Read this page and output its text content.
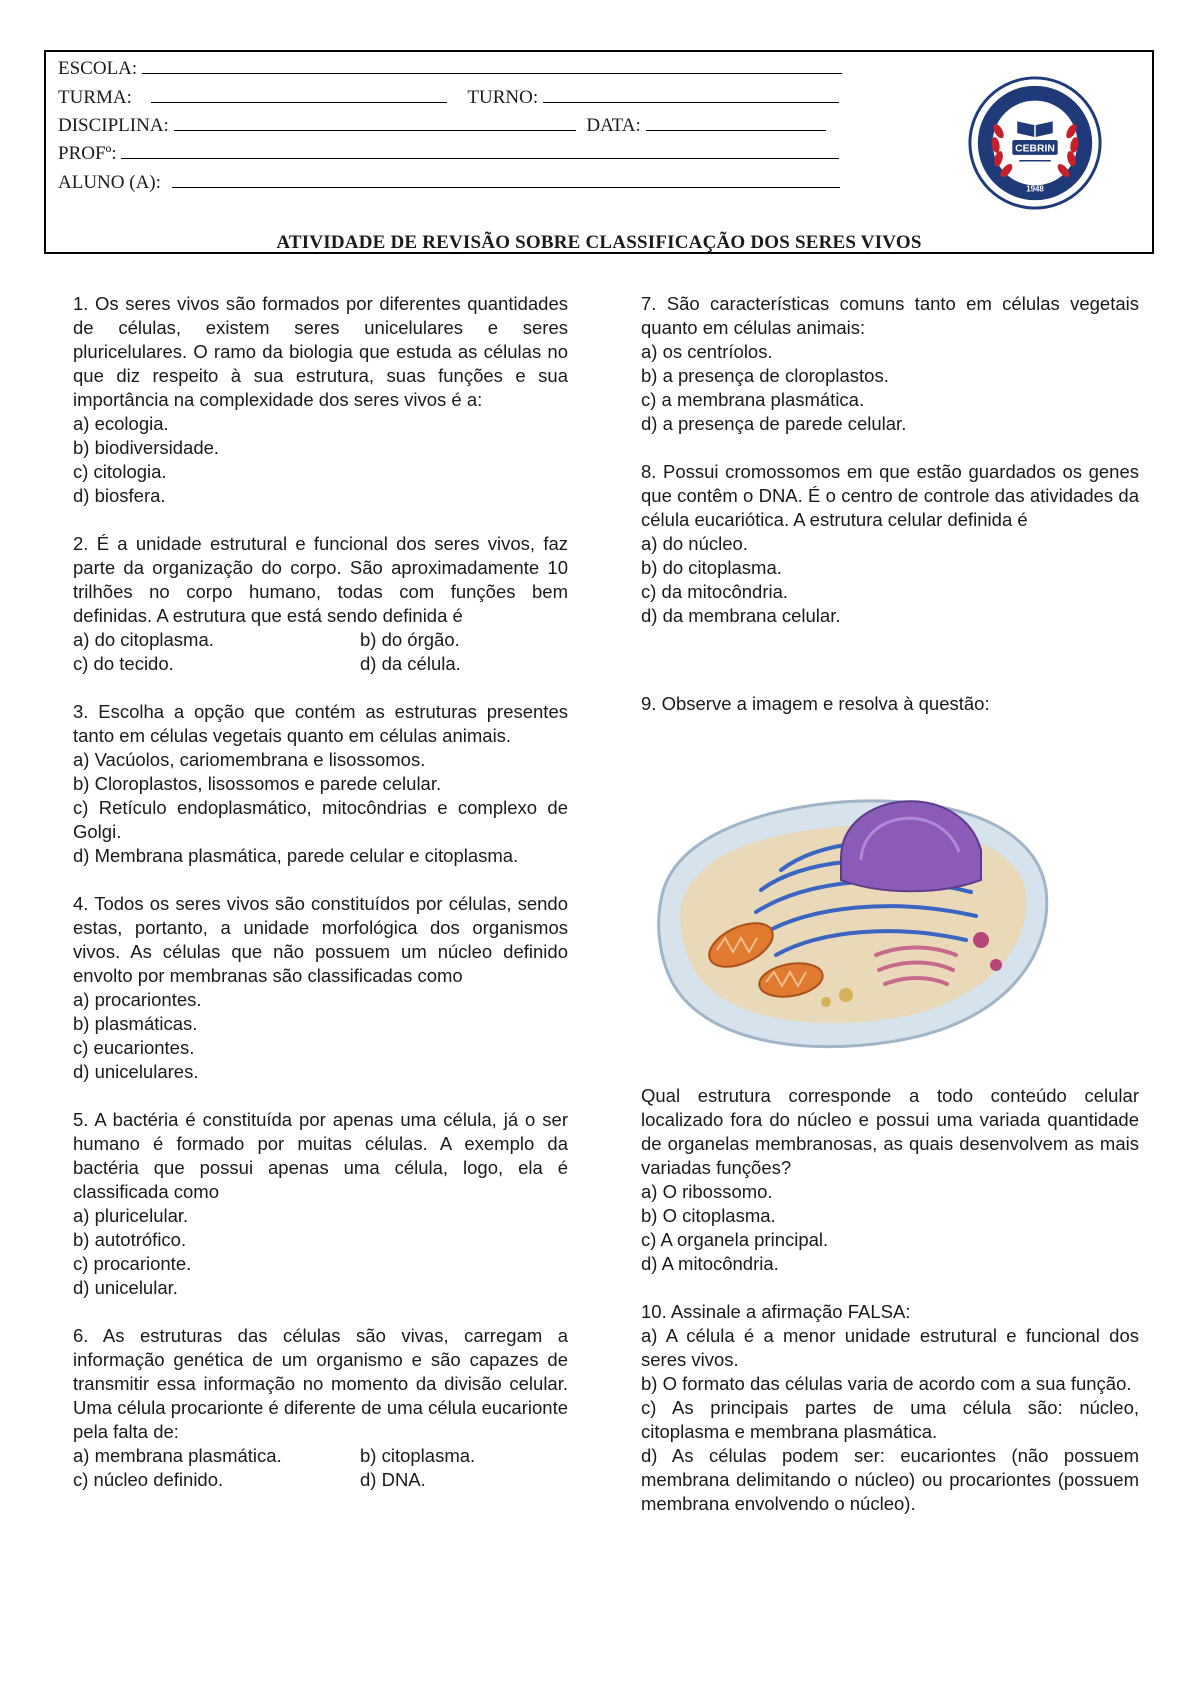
ESCOLA:
TURMA:	TURNO:
DISCIPLINA:	DATA:
PROFº:
ALUNO (A):
CEBRIN
1948
ATIVIDADE DE REVISÃO SOBRE CLASSIFICAÇÃO DOS SERES VIVOS

1. Os seres vivos são formados por diferentes quantidades de células, existem seres unicelulares e seres pluricelulares. O ramo da biologia que estuda as células no que diz respeito à sua estrutura, suas funções e sua importância na complexidade dos seres vivos é a:

a) ecologia.

b) biodiversidade.

c) citologia.

d) biosfera.

2. É a unidade estrutural e funcional dos seres vivos, faz parte da organização do corpo. São aproximadamente 10 trilhões no corpo humano, todas com funções bem definidas. A estrutura que está sendo definida é

a) do citoplasma.	b) do órgão.
c) do tecido.	d) da célula.

3. Escolha a opção que contém as estruturas presentes tanto em células vegetais quanto em células animais.

a) Vacúolos, cariomembrana e lisossomos.

b) Cloroplastos, lisossomos e parede celular.

c) Retículo endoplasmático, mitocôndrias e complexo de Golgi.

d) Membrana plasmática, parede celular e citoplasma.

4. Todos os seres vivos são constituídos por células, sendo estas, portanto, a unidade morfológica dos organismos vivos. As células que não possuem um núcleo definido envolto por membranas são classificadas como

a) procariontes.

b) plasmáticas.

c) eucariontes.

d) unicelulares.

5. A bactéria é constituída por apenas uma célula, já o ser humano é formado por muitas células. A exemplo da bactéria que possui apenas uma célula, logo, ela é classificada como

a) pluricelular.

b) autotrófico.

c) procarionte.

d) unicelular.

6. As estruturas das células são vivas, carregam a informação genética de um organismo e são capazes de transmitir essa informação no momento da divisão celular. Uma célula procarionte é diferente de uma célula eucarionte pela falta de:

a) membrana plasmática.	b) citoplasma.
c) núcleo definido.	d) DNA.

7. São características comuns tanto em células vegetais quanto em células animais:

a) os centríolos.

b) a presença de cloroplastos.

c) a membrana plasmática.

d) a presença de parede celular.

8. Possui cromossomos em que estão guardados os genes que contêm o DNA. É o centro de controle das atividades da célula eucariótica. A estrutura celular definida é

a) do núcleo.

b) do citoplasma.

c) da mitocôndria.

d) da membrana celular.

9. Observe a imagem e resolva à questão:

Qual estrutura corresponde a todo conteúdo celular localizado fora do núcleo e possui uma variada quantidade de organelas membranosas, as quais desenvolvem as mais variadas funções?

a) O ribossomo.

b) O citoplasma.

c) A organela principal.

d) A mitocôndria.

10. Assinale a afirmação FALSA:

a) A célula é a menor unidade estrutural e funcional dos seres vivos.

b) O formato das células varia de acordo com a sua função.

c) As principais partes de uma célula são: núcleo, citoplasma e membrana plasmática.

d) As células podem ser: eucariontes (não possuem membrana delimitando o núcleo) ou procariontes (possuem membrana envolvendo o núcleo).
